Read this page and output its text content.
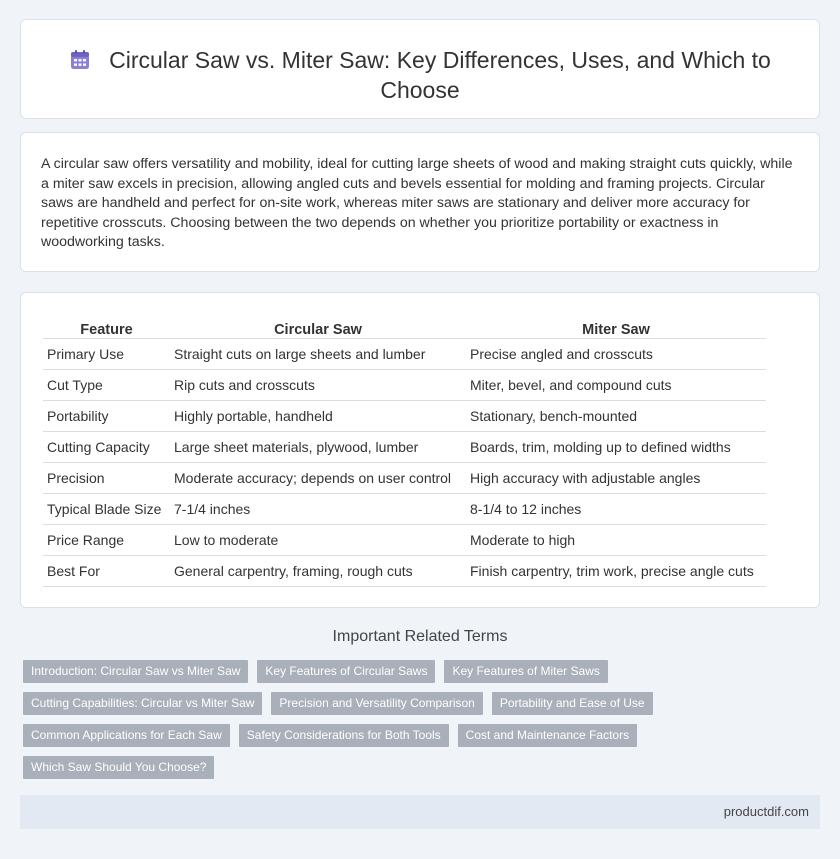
Circular Saw vs. Miter Saw: Key Differences, Uses, and Which to Choose

A circular saw offers versatility and mobility, ideal for cutting large sheets of wood and making straight cuts quickly, while a miter saw excels in precision, allowing angled cuts and bevels essential for molding and framing projects. Circular saws are handheld and perfect for on-site work, whereas miter saws are stationary and deliver more accuracy for repetitive crosscuts. Choosing between the two depends on whether you prioritize portability or exactness in woodworking tasks.

Feature	Circular Saw	Miter Saw
Primary Use	Straight cuts on large sheets and lumber	Precise angled and crosscuts
Cut Type	Rip cuts and crosscuts	Miter, bevel, and compound cuts
Portability	Highly portable, handheld	Stationary, bench-mounted
Cutting Capacity	Large sheet materials, plywood, lumber	Boards, trim, molding up to defined widths
Precision	Moderate accuracy; depends on user control	High accuracy with adjustable angles
Typical Blade Size	7-1/4 inches	8-1/4 to 12 inches
Price Range	Low to moderate	Moderate to high
Best For	General carpentry, framing, rough cuts	Finish carpentry, trim work, precise angle cuts
Important Related Terms
Introduction: Circular Saw vs Miter Saw	Key Features of Circular Saws	Key Features of Miter Saws
Cutting Capabilities: Circular vs Miter Saw	Precision and Versatility Comparison	Portability and Ease of Use
Common Applications for Each Saw	Safety Considerations for Both Tools	Cost and Maintenance Factors
Which Saw Should You Choose?
productdif.com
